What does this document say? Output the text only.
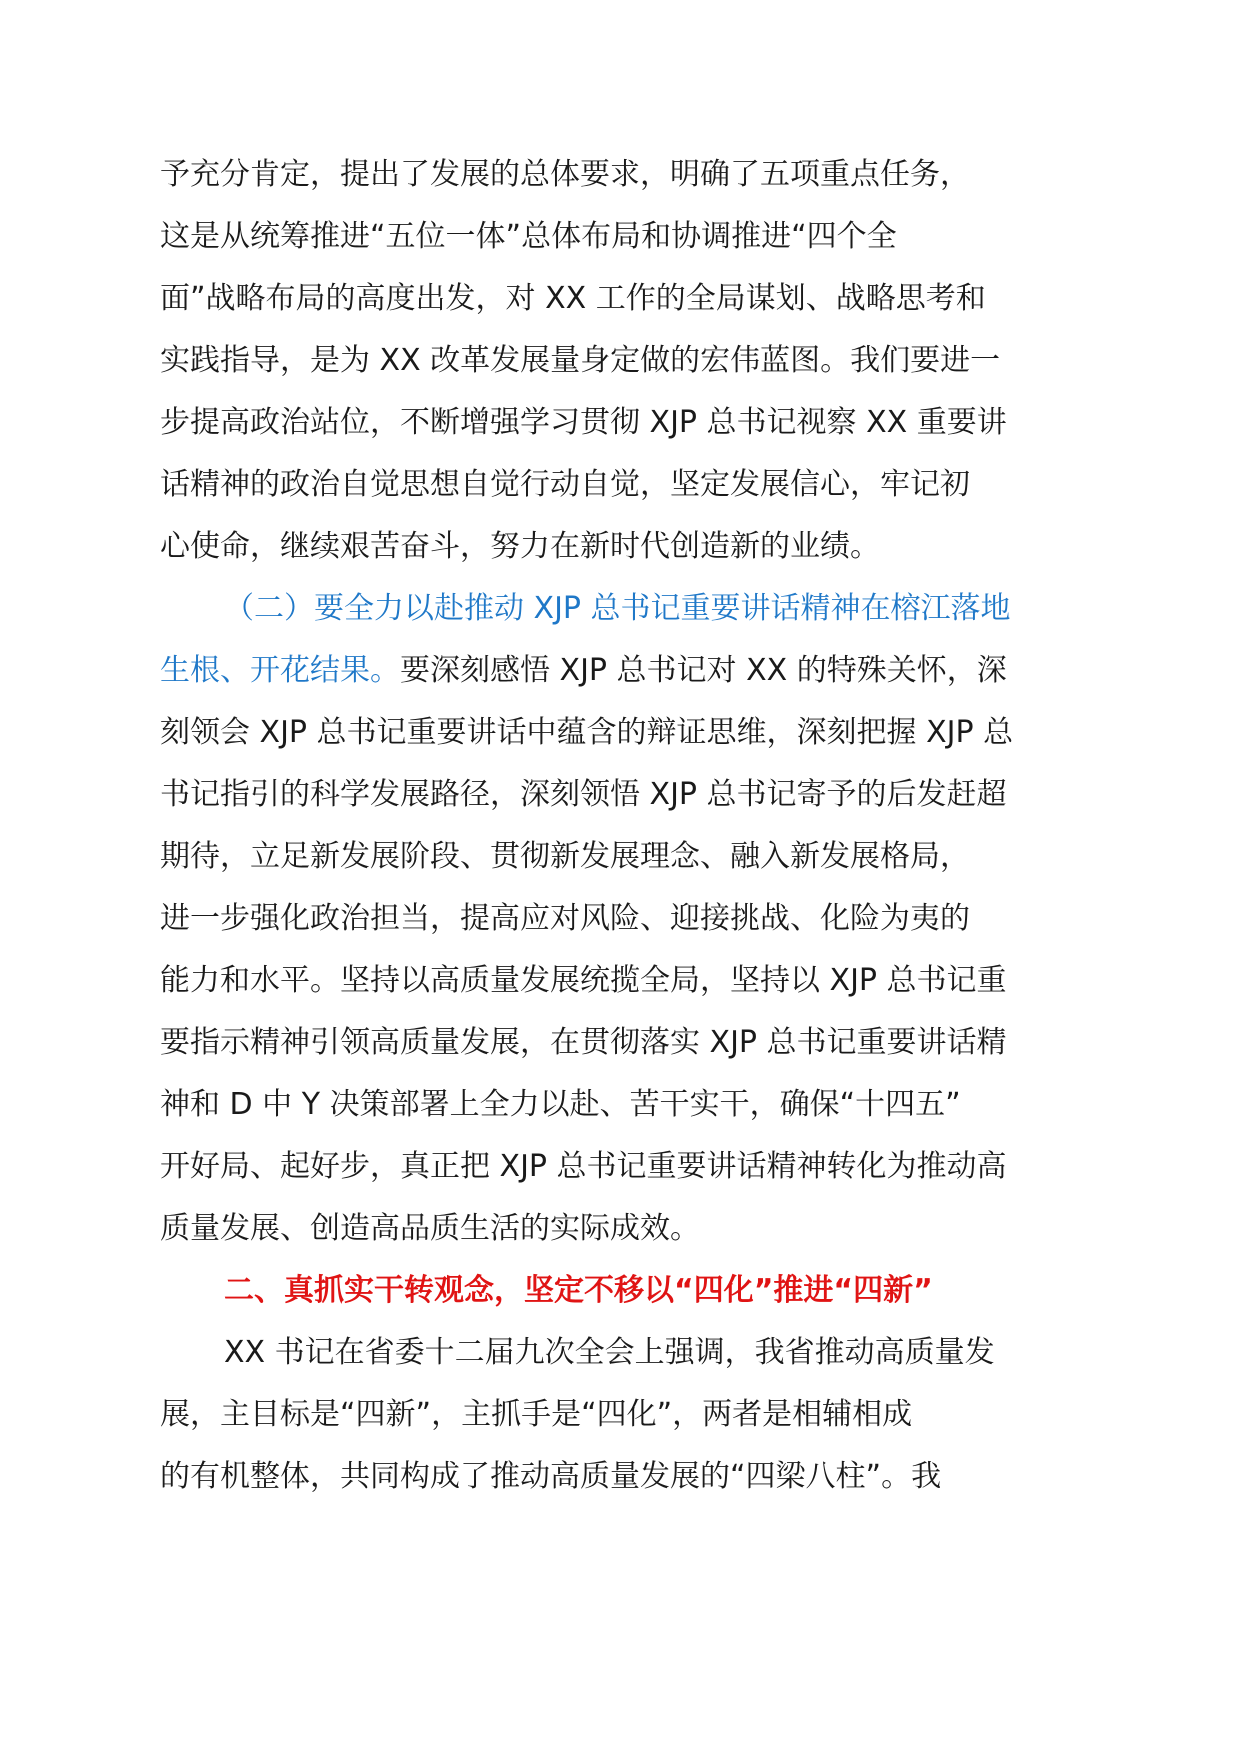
予充分肯定，提出了发展的总体要求，明确了五项重点任务，
这是从统筹推进“五位一体”总体布局和协调推进“四个全
面”战略布局的高度出发，对 XX 工作的全局谋划、战略思考和
实践指导，是为 XX 改革发展量身定做的宏伟蓝图。我们要进一
步提高政治站位，不断增强学习贯彻 XJP 总书记视察 XX 重要讲
话精神的政治自觉思想自觉行动自觉，坚定发展信心，牢记初
心使命，继续艰苦奋斗，努力在新时代创造新的业绩。
（二）要全力以赴推动 XJP 总书记重要讲话精神在榕江落地
生根、开花结果。要深刻感悟 XJP 总书记对 XX 的特殊关怀，深
刻领会 XJP 总书记重要讲话中蕴含的辩证思维，深刻把握 XJP 总
书记指引的科学发展路径，深刻领悟 XJP 总书记寄予的后发赶超
期待，立足新发展阶段、贯彻新发展理念、融入新发展格局，
进一步强化政治担当，提高应对风险、迎接挑战、化险为夷的
能力和水平。坚持以高质量发展统揽全局，坚持以 XJP 总书记重
要指示精神引领高质量发展，在贯彻落实 XJP 总书记重要讲话精
神和 D 中 Y 决策部署上全力以赴、苦干实干，确保“十四五”
开好局、起好步，真正把 XJP 总书记重要讲话精神转化为推动高
质量发展、创造高品质生活的实际成效。
二、真抓实干转观念，坚定不移以“四化”推进“四新”
XX 书记在省委十二届九次全会上强调，我省推动高质量发
展，主目标是“四新”，主抓手是“四化”，两者是相辅相成
的有机整体，共同构成了推动高质量发展的“四梁八柱”。我
